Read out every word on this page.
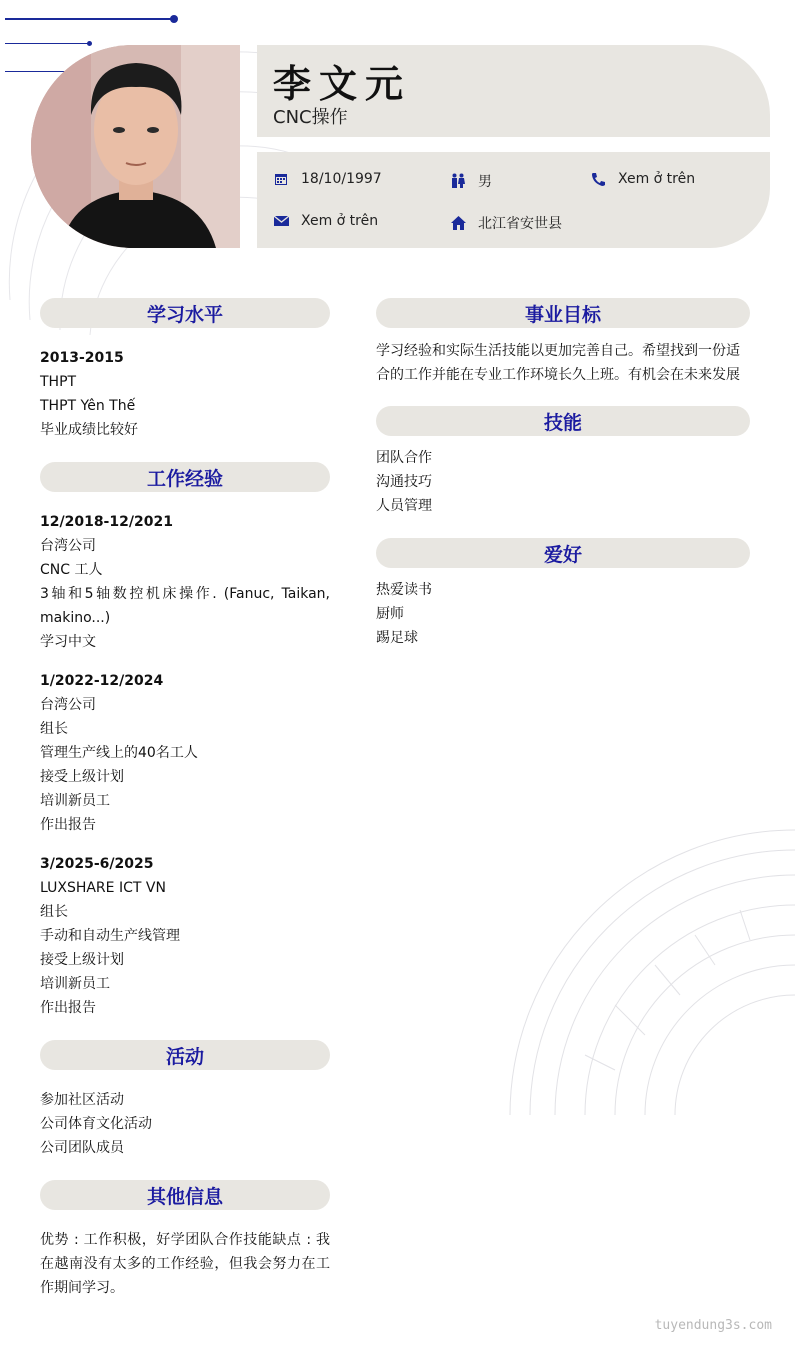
李文元
CNC操作
18/10/1997	男	Xem ở trên
Xem ở trên	北江省安世县
学习水平
2013-2015
THPT
THPT Yên Thế
毕业成绩比较好
工作经验
12/2018-12/2021
台湾公司
CNC 工人
3轴和5轴数控机床操作. (Fanuc, Taikan, makino...)
学习中文
1/2022-12/2024
台湾公司
组长
管理生产线上的40名工人
接受上级计划
培训新员工
作出报告
3/2025-6/2025
LUXSHARE ICT VN
组长
手动和自动生产线管理
接受上级计划
培训新员工
作出报告
活动
参加社区活动
公司体育文化活动
公司团队成员
其他信息
优势 : 工作积极，好学团队合作技能缺点 : 我在越南没有太多的工作经验，但我会努力在工作期间学习。
事业目标
学习经验和实际生活技能以更加完善自己。希望找到一份适合的工作并能在专业工作环境长久上班。有机会在未来发展
技能
团队合作
沟通技巧
人员管理
爱好
热爱读书
厨师
踢足球
tuyendung3s.com
